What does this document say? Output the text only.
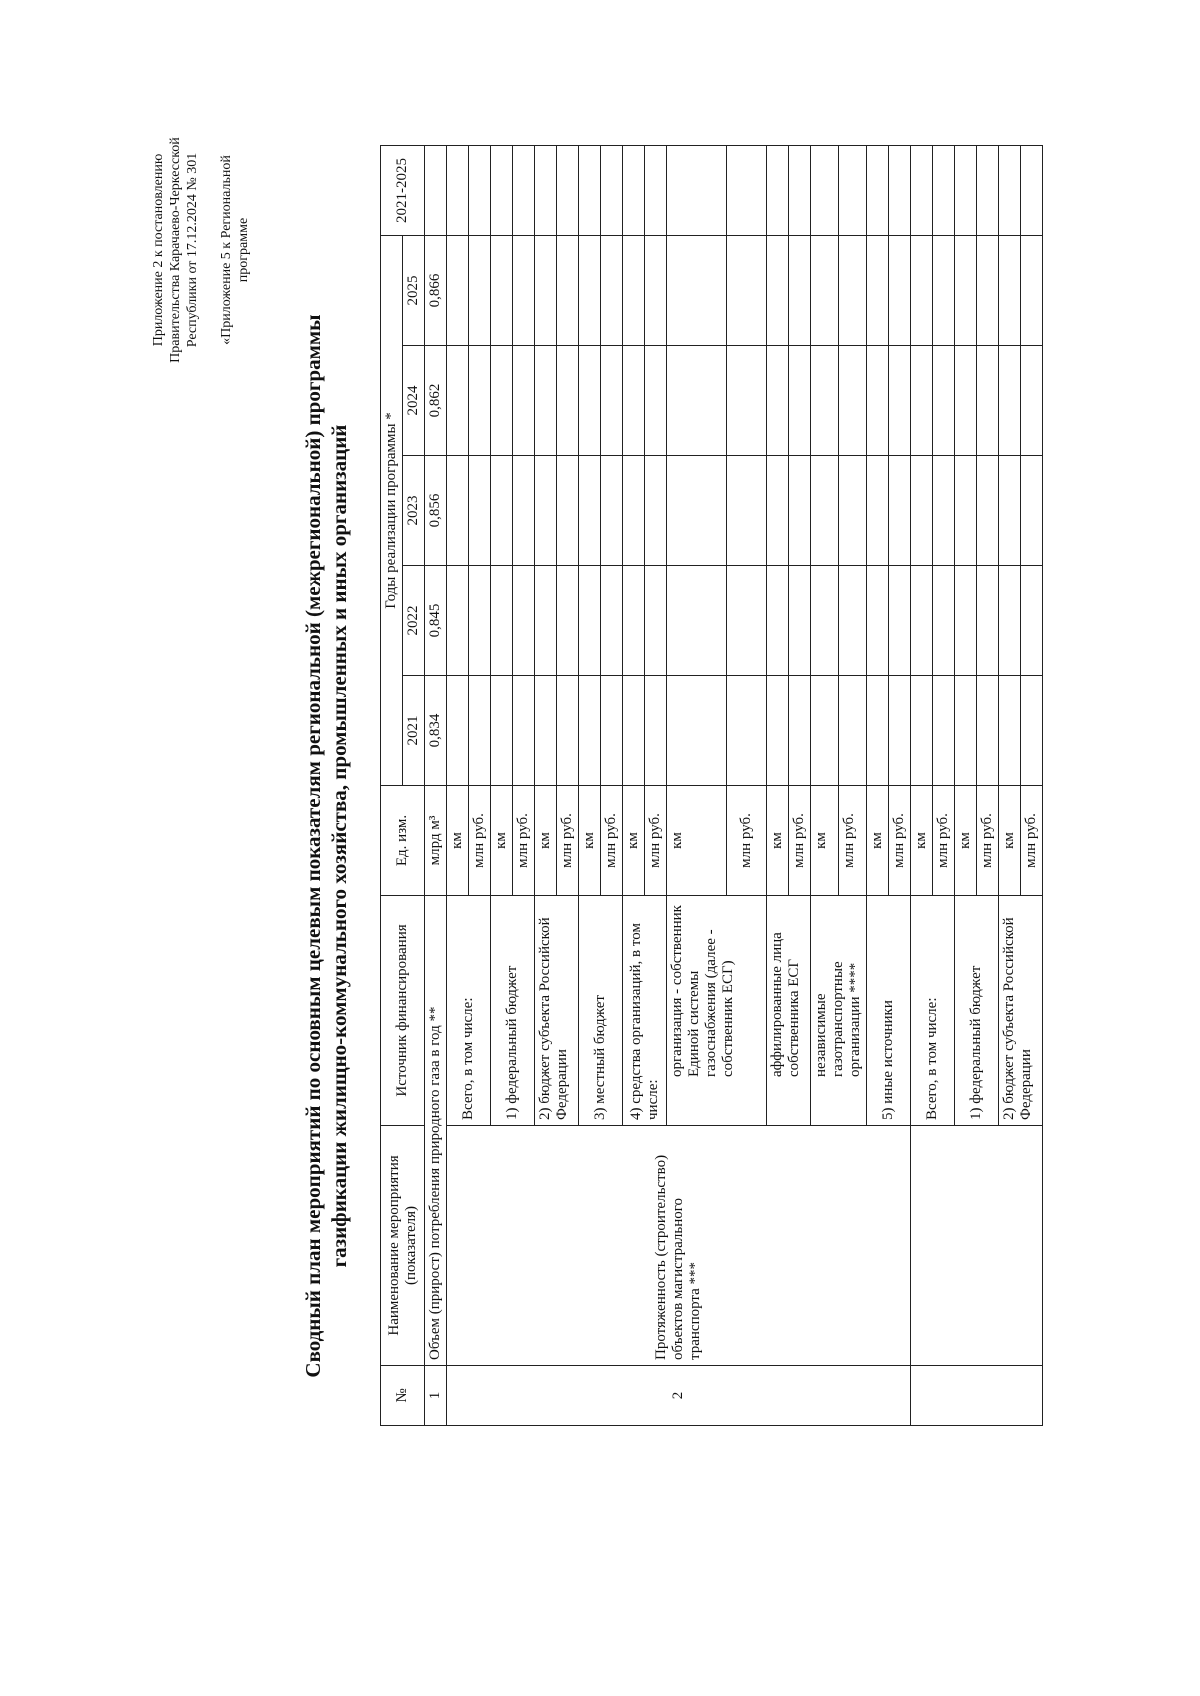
Приложение 2 к постановлению Правительства Карачаево-Черкесской Республики от 17.12.2024 № 301 «Приложение 5 к Региональной программе
Сводный план мероприятий по основным целевым показателям региональной (межрегиональной) программы газификации жилищно-коммунального хозяйства, промышленных и иных организаций
№	Наименование мероприятия (показателя)	Источник финансирования	Ед. изм.	Годы реализации программы *					2021-2025
				2021	2022	2023	2024	2025	
1	Объем (прирост) потребления природного газа в год **		млрд м³	0,834	0,845	0,856	0,862	0,866	
2	Протяженность (строительство) объектов магистрального транспорта ***	Всего, в том числе:	км						
			млн руб.						
		1) федеральный бюджет	км						
			млн руб.						
		2) бюджет субъекта Российской Федерации	км						
			млн руб.						
		3) местный бюджет	км						
			млн руб.						
		4) средства организаций, в том числе:	км						
			млн руб.						
		организация - собственник Единой системы газоснабжения (далее - собственник ЕСГ)	км						
			млн руб.						
		аффилированные лица собственника ЕСГ	км						
			млн руб.						
		независимые газотранспортные организации ****	км						
			млн руб.						
		5) иные источники	км						
			млн руб.						
		Всего, в том числе:	км						
			млн руб.						
		1) федеральный бюджет	км						
			млн руб.						
		2) бюджет субъекта Российской Федерации	км						
			млн руб.						
